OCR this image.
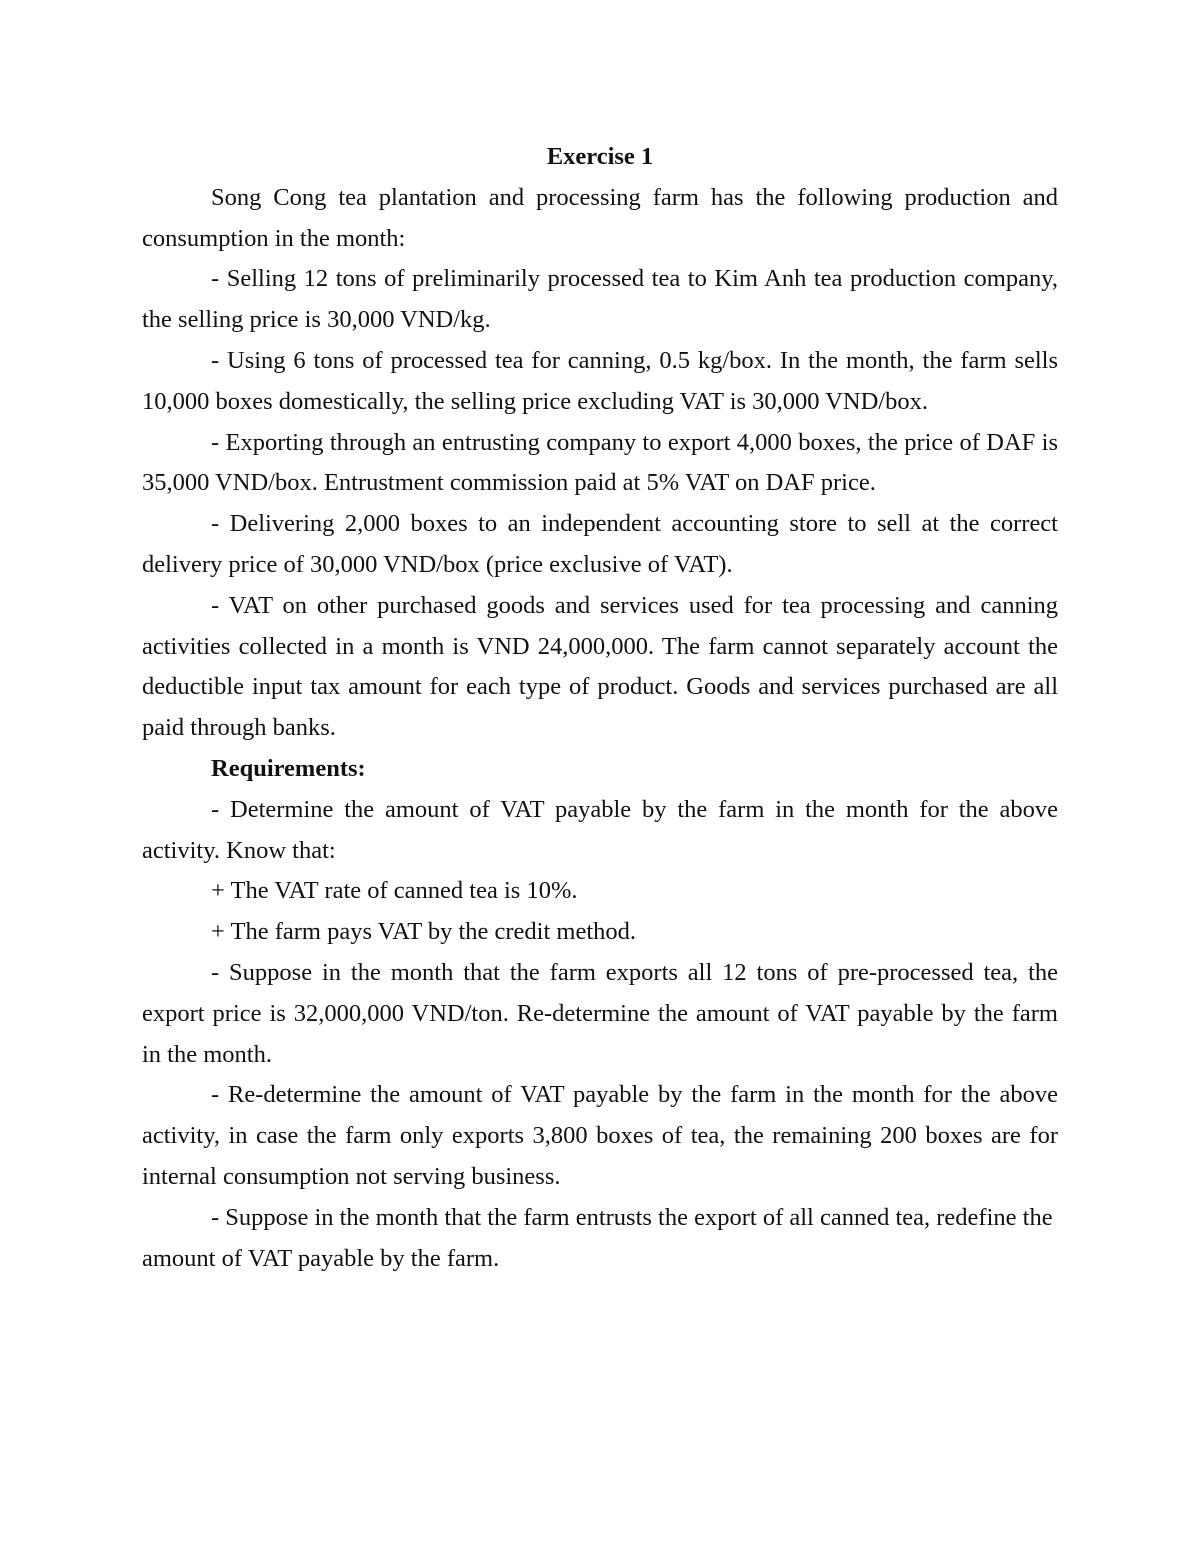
Exercise 1

Song Cong tea plantation and processing farm has the following production and consumption in the month:

- Selling 12 tons of preliminarily processed tea to Kim Anh tea production company, the selling price is 30,000 VND/kg.

- Using 6 tons of processed tea for canning, 0.5 kg/box. In the month, the farm sells 10,000 boxes domestically, the selling price excluding VAT is 30,000 VND/box.

- Exporting through an entrusting company to export 4,000 boxes, the price of DAF is 35,000 VND/box. Entrustment commission paid at 5% VAT on DAF price.

- Delivering 2,000 boxes to an independent accounting store to sell at the correct delivery price of 30,000 VND/box (price exclusive of VAT).

- VAT on other purchased goods and services used for tea processing and canning activities collected in a month is VND 24,000,000. The farm cannot separately account the deductible input tax amount for each type of product. Goods and services purchased are all paid through banks.

Requirements:

- Determine the amount of VAT payable by the farm in the month for the above activity. Know that:

+ The VAT rate of canned tea is 10%.

+ The farm pays VAT by the credit method.

- Suppose in the month that the farm exports all 12 tons of pre-processed tea, the export price is 32,000,000 VND/ton. Re-determine the amount of VAT payable by the farm in the month.

- Re-determine the amount of VAT payable by the farm in the month for the above activity, in case the farm only exports 3,800 boxes of tea, the remaining 200 boxes are for internal consumption not serving business.

- Suppose in the month that the farm entrusts the export of all canned tea, redefine the amount of VAT payable by the farm.
